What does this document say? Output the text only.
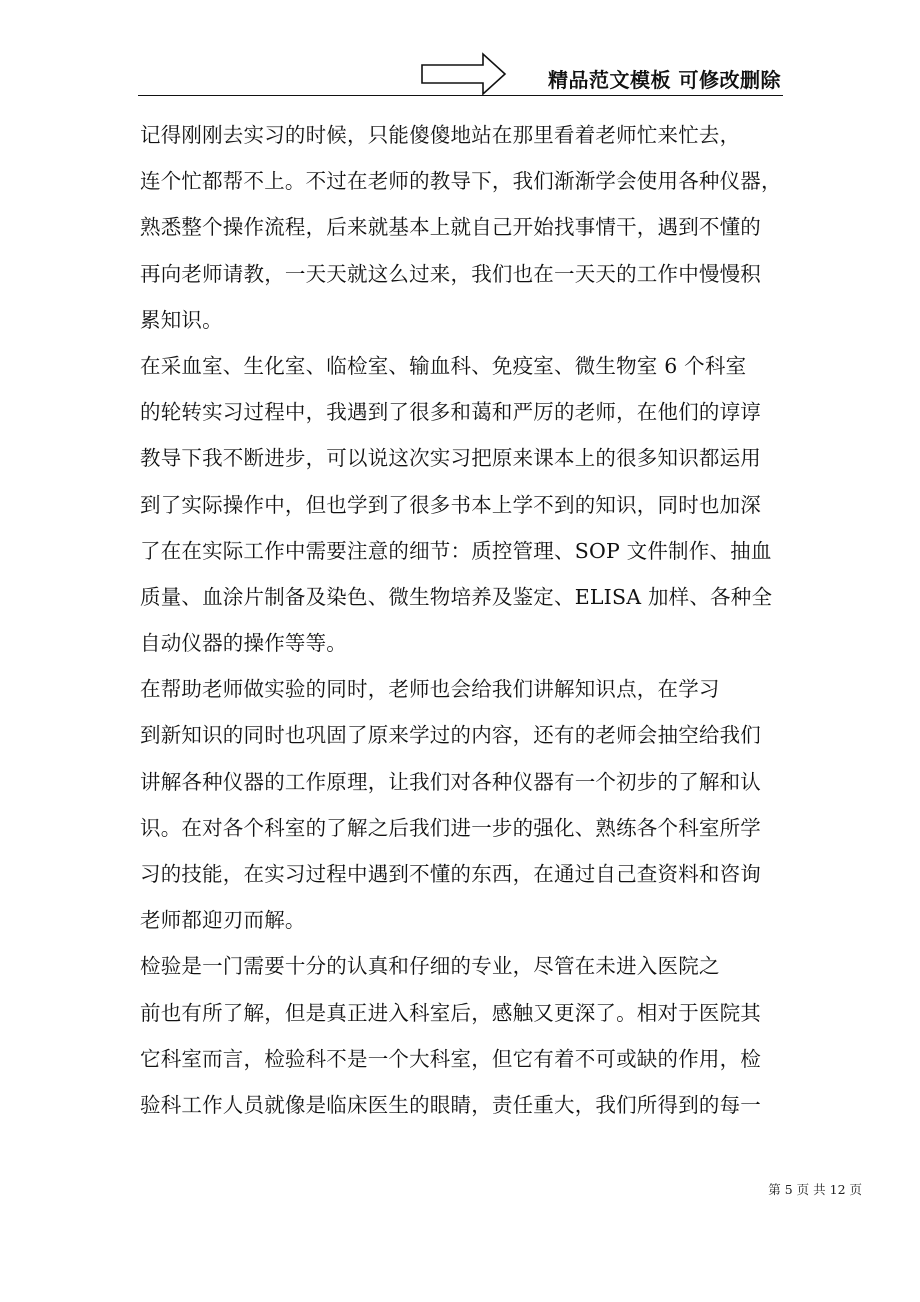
精品范文模板 可修改删除
记得刚刚去实习的时候，只能傻傻地站在那里看着老师忙来忙去，
连个忙都帮不上。不过在老师的教导下，我们渐渐学会使用各种仪器，
熟悉整个操作流程，后来就基本上就自己开始找事情干，遇到不懂的
再向老师请教，一天天就这么过来，我们也在一天天的工作中慢慢积
累知识。
在采血室、生化室、临检室、输血科、免疫室、微生物室 6 个科室
的轮转实习过程中，我遇到了很多和蔼和严厉的老师，在他们的谆谆
教导下我不断进步，可以说这次实习把原来课本上的很多知识都运用
到了实际操作中，但也学到了很多书本上学不到的知识，同时也加深
了在在实际工作中需要注意的细节：质控管理、SOP 文件制作、抽血
质量、血涂片制备及染色、微生物培养及鉴定、ELISA 加样、各种全
自动仪器的操作等等。
在帮助老师做实验的同时，老师也会给我们讲解知识点，在学习
到新知识的同时也巩固了原来学过的内容，还有的老师会抽空给我们
讲解各种仪器的工作原理，让我们对各种仪器有一个初步的了解和认
识。在对各个科室的了解之后我们进一步的强化、熟练各个科室所学
习的技能，在实习过程中遇到不懂的东西，在通过自己查资料和咨询
老师都迎刃而解。
检验是一门需要十分的认真和仔细的专业，尽管在未进入医院之
前也有所了解，但是真正进入科室后，感触又更深了。相对于医院其
它科室而言，检验科不是一个大科室，但它有着不可或缺的作用，检
验科工作人员就像是临床医生的眼睛，责任重大，我们所得到的每一
第 5 页 共 12 页
